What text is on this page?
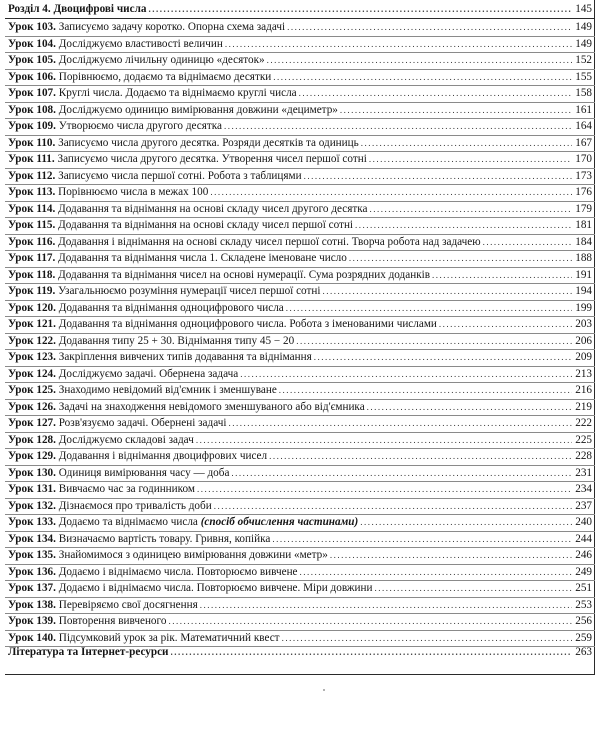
Розділ 4. Двоцифрові числа .....	145
Урок 103. Записуємо задачу коротко. Опорна схема задачі .....	149
Урок 104. Досліджуємо властивості величин .....	149
Урок 105. Досліджуємо лічильну одиницю «десяток» .....	152
Урок 106. Порівнюємо, додаємо та віднімаємо десятки .....	155
Урок 107. Круглі числа. Додаємо та віднімаємо круглі числа .....	158
Урок 108. Досліджуємо одиницю вимірювання довжини «дециметр» .....	161
Урок 109. Утворюємо числа другого десятка .....	164
Урок 110. Записуємо числа другого десятка. Розряди десятків та одиниць .....	167
Урок 111. Записуємо числа другого десятка. Утворення чисел першої сотні .....	170
Урок 112. Записуємо числа першої сотні. Робота з таблицями .....	173
Урок 113. Порівнюємо числа в межах 100 .....	176
Урок 114. Додавання та віднімання на основі складу чисел другого десятка .....	179
Урок 115. Додавання та віднімання на основі складу чисел першої сотні .....	181
Урок 116. Додавання і віднімання на основі складу чисел першої сотні. Творча робота над задачею .....	184
Урок 117. Додавання та віднімання числа 1. Складене іменоване число .....	188
Урок 118. Додавання та віднімання чисел на основі нумерації. Сума розрядних доданків .....	191
Урок 119. Узагальнюємо розуміння нумерації чисел першої сотні .....	194
Урок 120. Додавання та віднімання одноцифрового числа .....	199
Урок 121. Додавання та віднімання одноцифрового числа. Робота з іменованими числами .....	203
Урок 122. Додавання типу 25 + 30. Віднімання типу 45 − 20 .....	206
Урок 123. Закріплення вивчених типів додавання та віднімання .....	209
Урок 124. Досліджуємо задачі. Обернена задача .....	213
Урок 125. Знаходимо невідомий від'ємник і зменшуване .....	216
Урок 126. Задачі на знаходження невідомого зменшуваного або від'ємника .....	219
Урок 127. Розв'язуємо задачі. Обернені задачі .....	222
Урок 128. Досліджуємо складові задач .....	225
Урок 129. Додавання і віднімання двоцифрових чисел .....	228
Урок 130. Одиниця вимірювання часу — доба .....	231
Урок 131. Вивчаємо час за годинником .....	234
Урок 132. Дізнаємося про тривалість доби .....	237
Урок 133. Додаємо та віднімаємо числа (спосіб обчислення частинами) .....	240
Урок 134. Визначаємо вартість товару. Гривня, копійка .....	244
Урок 135. Знайомимося з одиницею вимірювання довжини «метр» .....	246
Урок 136. Додаємо і віднімаємо числа. Повторюємо вивчене .....	249
Урок 137. Додаємо і віднімаємо числа. Повторюємо вивчене. Міри довжини .....	251
Урок 138. Перевіряємо свої досягнення .....	253
Урок 139. Повторення вивченого .....	256
Урок 140. Підсумковий урок за рік. Математичний квест .....	259
Література та Інтернет-ресурси .....	263
